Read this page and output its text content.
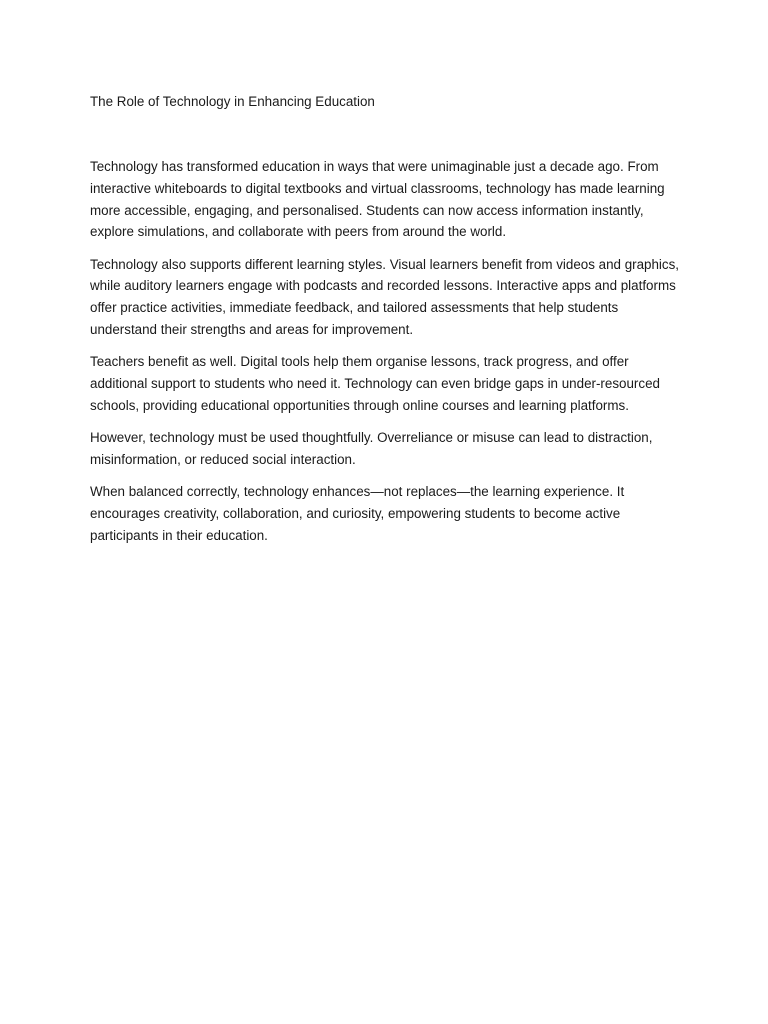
The Role of Technology in Enhancing Education

Technology has transformed education in ways that were unimaginable just a decade ago. From interactive whiteboards to digital textbooks and virtual classrooms, technology has made learning more accessible, engaging, and personalised. Students can now access information instantly, explore simulations, and collaborate with peers from around the world.

Technology also supports different learning styles. Visual learners benefit from videos and graphics, while auditory learners engage with podcasts and recorded lessons. Interactive apps and platforms offer practice activities, immediate feedback, and tailored assessments that help students understand their strengths and areas for improvement.

Teachers benefit as well. Digital tools help them organise lessons, track progress, and offer additional support to students who need it. Technology can even bridge gaps in under-resourced schools, providing educational opportunities through online courses and learning platforms.

However, technology must be used thoughtfully. Overreliance or misuse can lead to distraction, misinformation, or reduced social interaction.

When balanced correctly, technology enhances—not replaces—the learning experience. It encourages creativity, collaboration, and curiosity, empowering students to become active participants in their education.
